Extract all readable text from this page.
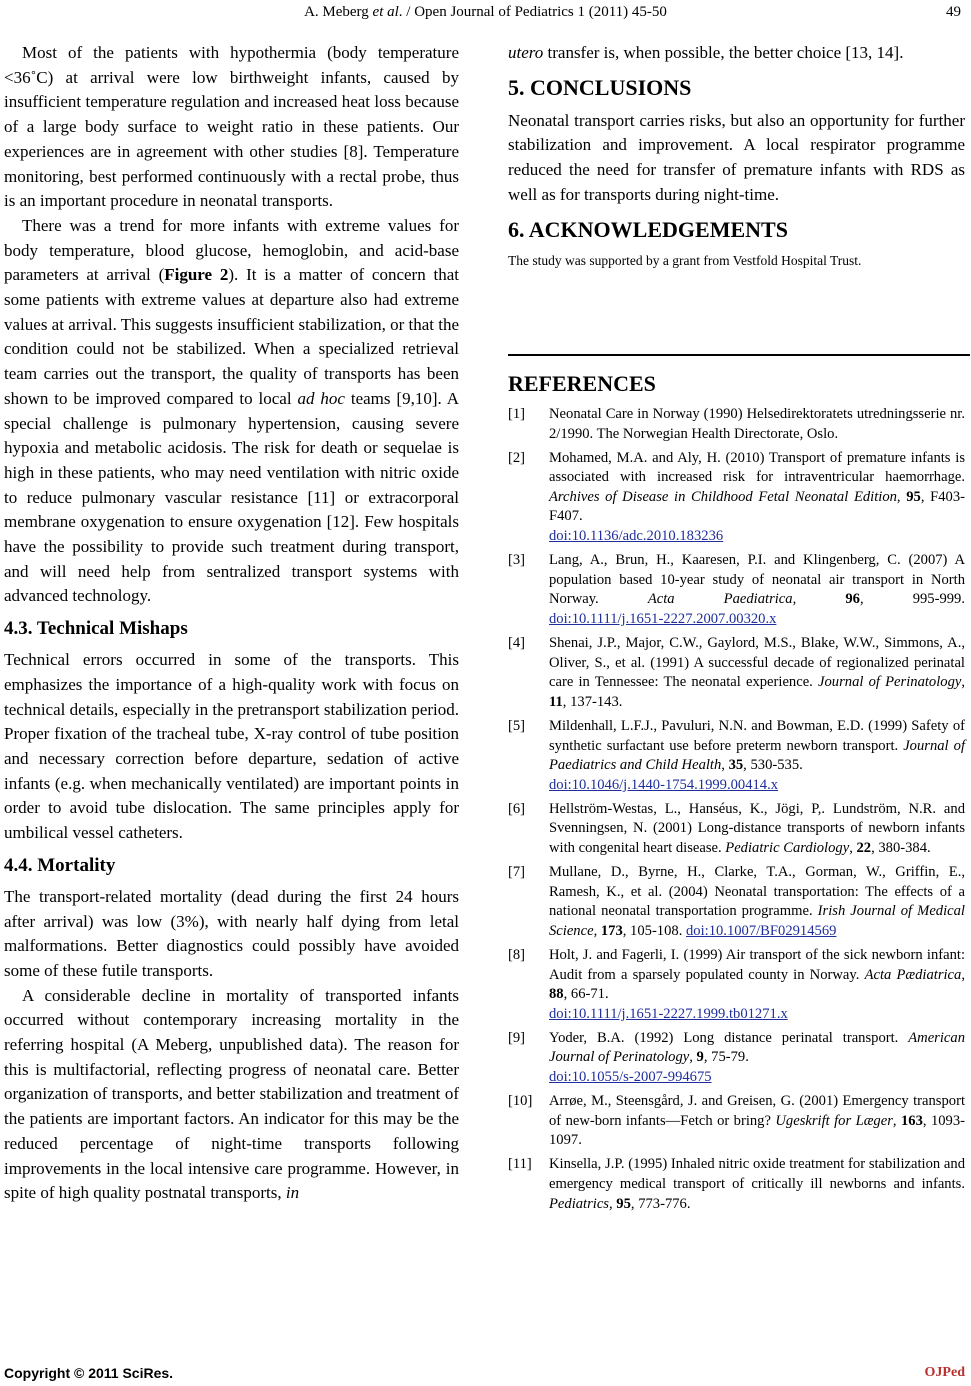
A. Meberg et al. / Open Journal of Pediatrics 1 (2011) 45-50	49

Most of the patients with hypothermia (body temperature <36˚C) at arrival were low birthweight infants, caused by insufficient temperature regulation and increased heat loss because of a large body surface to weight ratio in these patients. Our experiences are in agreement with other studies [8]. Temperature monitoring, best performed continuously with a rectal probe, thus is an important procedure in neonatal transports.

There was a trend for more infants with extreme values for body temperature, blood glucose, hemoglobin, and acid-base parameters at arrival (Figure 2). It is a matter of concern that some patients with extreme values at departure also had extreme values at arrival. This suggests insufficient stabilization, or that the condition could not be stabilized. When a specialized retrieval team carries out the transport, the quality of transports has been shown to be improved compared to local ad hoc teams [9,10]. A special challenge is pulmonary hypertension, causing severe hypoxia and metabolic acidosis. The risk for death or sequelae is high in these patients, who may need ventilation with nitric oxide to reduce pulmonary vascular resistance [11] or extracorporal membrane oxygenation to ensure oxygenation [12]. Few hospitals have the possibility to provide such treatment during transport, and will need help from sentralized transport systems with advanced technology.

4.3. Technical Mishaps

Technical errors occurred in some of the transports. This emphasizes the importance of a high-quality work with focus on technical details, especially in the pretransport stabilization period. Proper fixation of the tracheal tube, X-ray control of tube position and necessary correction before departure, sedation of active infants (e.g. when mechanically ventilated) are important points in order to avoid tube dislocation. The same principles apply for umbilical vessel catheters.

4.4. Mortality

The transport-related mortality (dead during the first 24 hours after arrival) was low (3%), with nearly half dying from letal malformations. Better diagnostics could possibly have avoided some of these futile transports.

A considerable decline in mortality of transported infants occurred without contemporary increasing mortality in the referring hospital (A Meberg, unpublished data). The reason for this is multifactorial, reflecting progress of neonatal care. Better organization of transports, and better stabilization and treatment of the patients are important factors. An indicator for this may be the reduced percentage of night-time transports following improvements in the local intensive care programme. However, in spite of high quality postnatal transports, in

utero transfer is, when possible, the better choice [13, 14].

5. CONCLUSIONS

Neonatal transport carries risks, but also an opportunity for further stabilization and improvement. A local respirator programme reduced the need for transfer of premature infants with RDS as well as for transports during night-time.

6. ACKNOWLEDGEMENTS

The study was supported by a grant from Vestfold Hospital Trust.

REFERENCES
[1]	Neonatal Care in Norway (1990) Helsedirektoratets utredningsserie nr. 2/1990. The Norwegian Health Directorate, Oslo.
[2]	Mohamed, M.A. and Aly, H. (2010) Transport of premature infants is associated with increased risk for intraventricular haemorrhage. Archives of Disease in Childhood Fetal Neonatal Edition, 95, F403-F407.
doi:10.1136/adc.2010.183236
[3]	Lang, A., Brun, H., Kaaresen, P.I. and Klingenberg, C. (2007) A population based 10-year study of neonatal air transport in North Norway. Acta Paediatrica, 96, 995-999. doi:10.1111/j.1651-2227.2007.00320.x
[4]	Shenai, J.P., Major, C.W., Gaylord, M.S., Blake, W.W., Simmons, A., Oliver, S., et al. (1991) A successful decade of regionalized perinatal care in Tennessee: The neonatal experience. Journal of Perinatology, 11, 137-143.
[5]	Mildenhall, L.F.J., Pavuluri, N.N. and Bowman, E.D. (1999) Safety of synthetic surfactant use before preterm newborn transport. Journal of Paediatrics and Child Health, 35, 530-535.
doi:10.1046/j.1440-1754.1999.00414.x
[6]	Hellström-Westas, L., Hanséus, K., Jögi, P,. Lundström, N.R. and Svenningsen, N. (2001) Long-distance transports of newborn infants with congenital heart disease. Pediatric Cardiology, 22, 380-384.
[7]	Mullane, D., Byrne, H., Clarke, T.A., Gorman, W., Griffin, E., Ramesh, K., et al. (2004) Neonatal transportation: The effects of a national neonatal transportation programme. Irish Journal of Medical Science, 173, 105-108. doi:10.1007/BF02914569
[8]	Holt, J. and Fagerli, I. (1999) Air transport of the sick newborn infant: Audit from a sparsely populated county in Norway. Acta Pædiatrica, 88, 66-71.
doi:10.1111/j.1651-2227.1999.tb01271.x
[9]	Yoder, B.A. (1992) Long distance perinatal transport. American Journal of Perinatology, 9, 75-79.
doi:10.1055/s-2007-994675
[10]	Arrøe, M., Steensgård, J. and Greisen, G. (2001) Emergency transport of new-born infants—Fetch or bring? Ugeskrift for Læger, 163, 1093-1097.
[11]	Kinsella, J.P. (1995) Inhaled nitric oxide treatment for stabilization and emergency medical transport of critically ill newborns and infants. Pediatrics, 95, 773-776.
Copyright © 2011 SciRes.	OJPed
